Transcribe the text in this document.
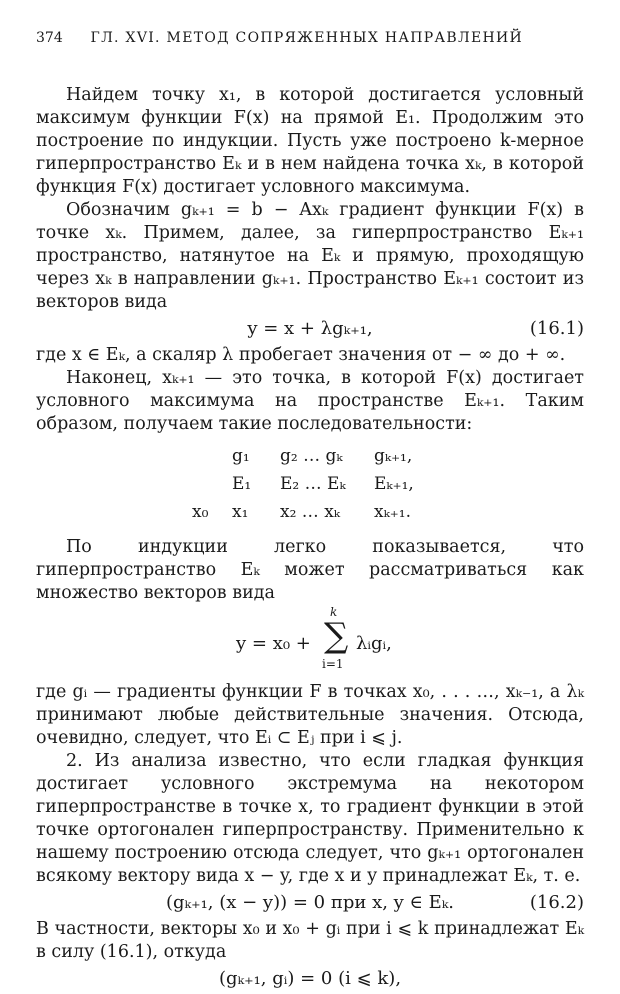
374 ГЛ. XVI. МЕТОД СОПРЯЖЕННЫХ НАПРАВЛЕНИЙ

Найдем точку x₁, в которой достигается условный максимум функции F(x) на прямой E₁. Продолжим это построение по индукции. Пусть уже построено k-мерное гиперпространство Eₖ и в нем найдена точка xₖ, в которой функция F(x) достигает условного максимума.

Обозначим gₖ₊₁ = b − Axₖ градиент функции F(x) в точке xₖ. Примем, далее, за гиперпространство Eₖ₊₁ пространство, натянутое на Eₖ и прямую, проходящую через xₖ в направлении gₖ₊₁. Пространство Eₖ₊₁ состоит из векторов вида

y = x + λgₖ₊₁,	(16.1)

где x ∈ Eₖ, а скаляр λ пробегает значения от − ∞ до + ∞.

Наконец, xₖ₊₁ — это точка, в которой F(x) достигает условного максимума на пространстве Eₖ₊₁. Таким образом, получаем такие последовательности:

g₁ g₂ … gₖ gₖ₊₁,
E₁ E₂ … Eₖ Eₖ₊₁,
x₀ x₁ x₂ … xₖ xₖ₊₁.

По индукции легко показывается, что гиперпространство Eₖ может рассматриваться как множество векторов вида

y = x₀ +
k
∑
i=1
λᵢgᵢ,

где gᵢ — градиенты функции F в точках x₀, . . . …, xₖ₋₁, а λₖ принимают любые действительные значения. Отсюда, очевидно, следует, что Eᵢ ⊂ Eⱼ при i ⩽ j.

2. Из анализа известно, что если гладкая функция достигает условного экстремума на некотором гиперпространстве в точке x, то градиент функции в этой точке ортогонален гиперпространству. Применительно к нашему построению отсюда следует, что gₖ₊₁ ортогонален всякому вектору вида x − y, где x и y принадлежат Eₖ, т. е.

(gₖ₊₁, (x − y)) = 0 при x, y ∈ Eₖ.	(16.2)

В частности, векторы x₀ и x₀ + gᵢ при i ⩽ k принадлежат Eₖ в силу (16.1), откуда

(gₖ₊₁, gᵢ) = 0 (i ⩽ k),
